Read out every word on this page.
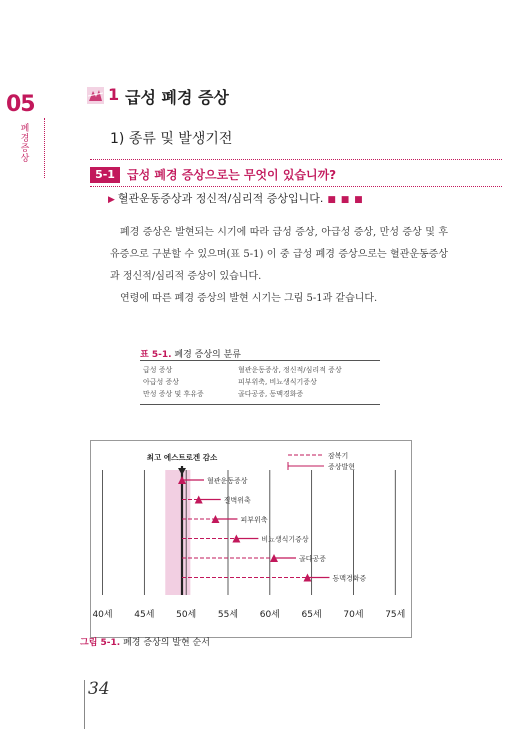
05
폐경 증상
1 급성 폐경 증상
1) 종류 및 발생기전
5-1	급성 폐경 증상으로는 무엇이 있습니까?
▶ 혈관운동증상과 정신적/심리적 증상입니다. ■ ■ ■

폐경 증상은 발현되는 시기에 따라 급성 증상, 아급성 증상, 만성 증상 및 후유증으로 구분할 수 있으며(표 5-1) 이 중 급성 폐경 증상으로는 혈관운동증상과 정신적/심리적 증상이 있습니다.

연령에 따른 폐경 증상의 발현 시기는 그림 5-1과 같습니다.

표 5-1. 폐경 증상의 분류
급성 증상	혈관운동증상, 정신적/심리적 증상
아급성 증상	피부위축, 비뇨생식기증상
만성 증상 및 후유증	골다공증, 동맥경화증
40세 45세 50세 55세 60세 65세 70세 75세
최고 에스트로겐 감소	잠복기
증상발현
혈관운동증상
질벽위축
피부위축
비뇨생식기증상
골다공증
동맥경화증
그림 5-1. 폐경 증상의 발현 순서
34
